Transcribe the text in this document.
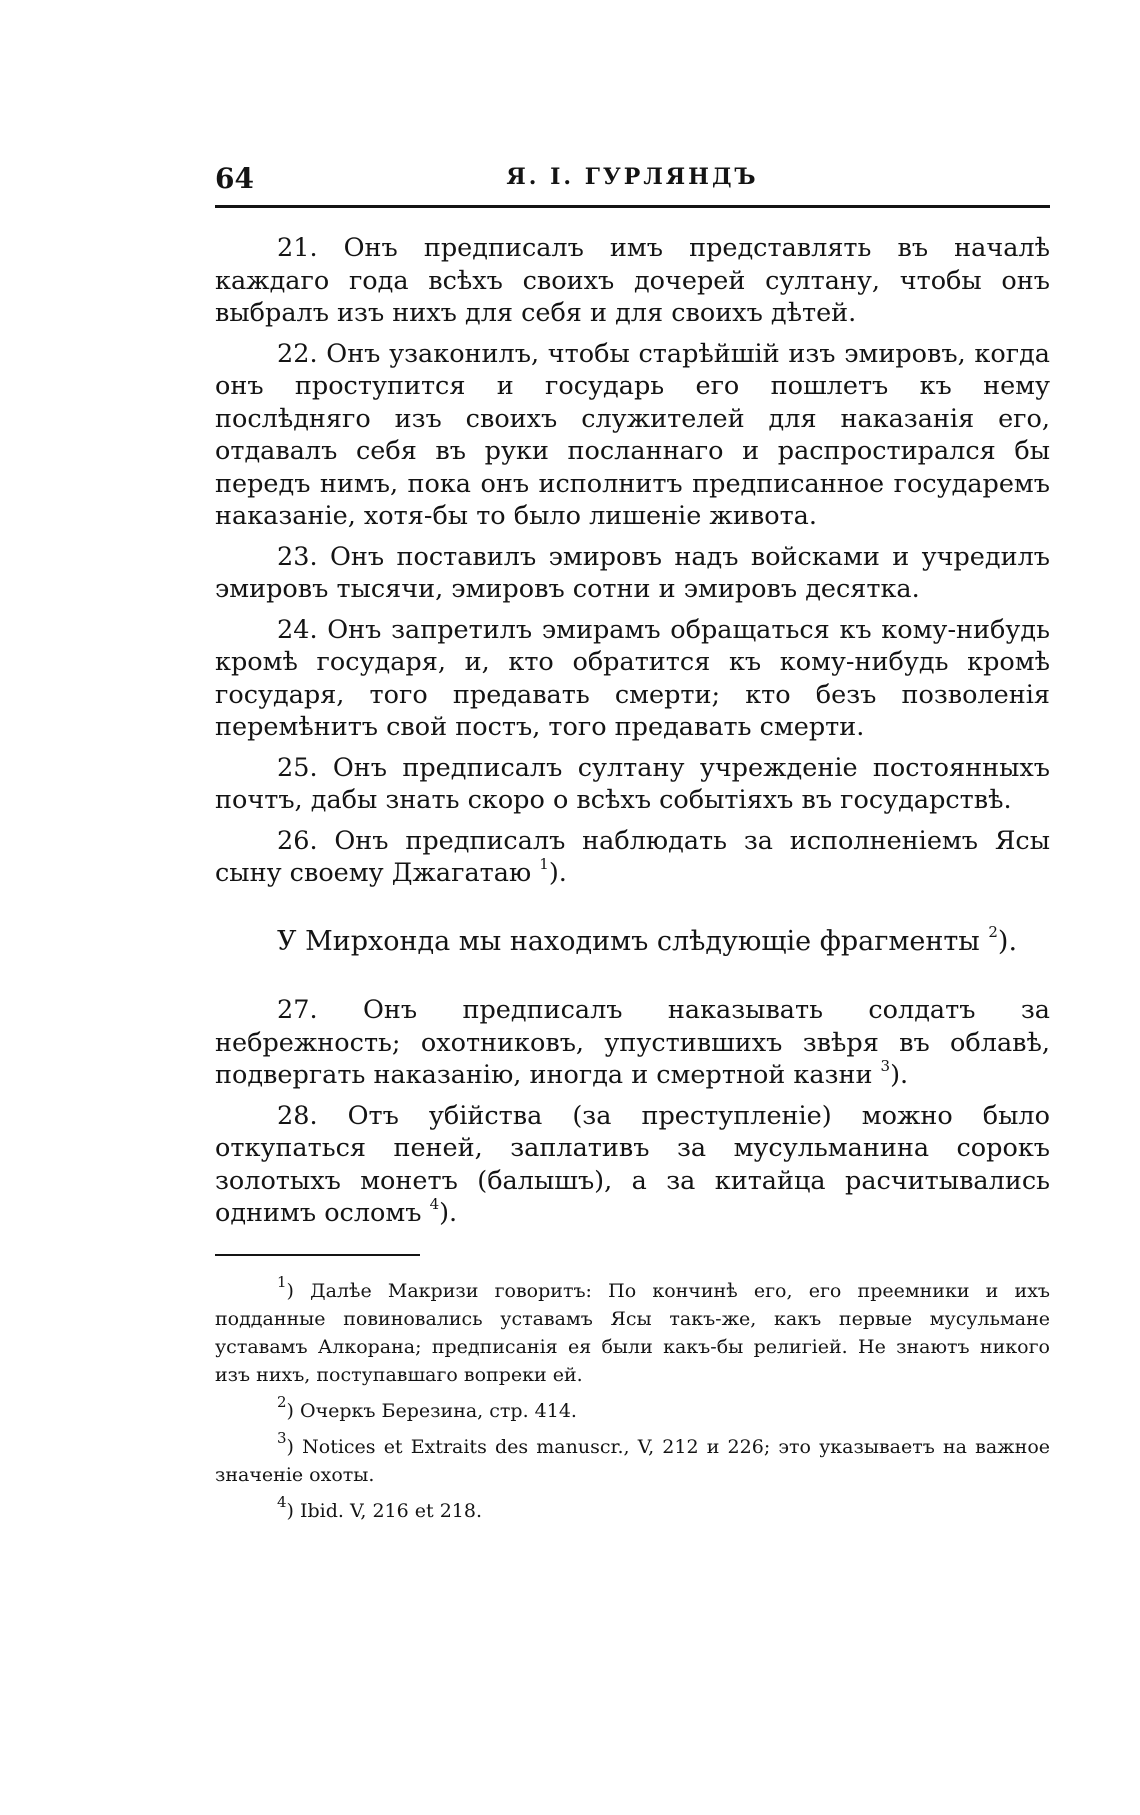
64	Я. І. ГУРЛЯНДЪ

21. Онъ предписалъ имъ представлять въ началѣ каждаго года всѣхъ своихъ дочерей султану, чтобы онъ выбралъ изъ нихъ для себя и для своихъ дѣтей.

22. Онъ узаконилъ, чтобы старѣйшій изъ эмировъ, когда онъ проступится и государь его пошлетъ къ нему послѣдняго изъ своихъ служителей для наказанія его, отдавалъ себя въ руки посланнаго и распростирался бы передъ нимъ, пока онъ исполнитъ предписанное государемъ наказаніе, хотя-бы то было лишеніе живота.

23. Онъ поставилъ эмировъ надъ войсками и учредилъ эмировъ тысячи, эмировъ сотни и эмировъ десятка.

24. Онъ запретилъ эмирамъ обращаться къ кому-нибудь кромѣ государя, и, кто обратится къ кому-нибудь кромѣ государя, того предавать смерти; кто безъ позволенія перемѣнитъ свой постъ, того предавать смерти.

25. Онъ предписалъ султану учрежденіе постоянныхъ почтъ, дабы знать скоро о всѣхъ событіяхъ въ государствѣ.

26. Онъ предписалъ наблюдать за исполненіемъ Ясы сыну своему Джагатаю $^1$).

У Мирхонда мы находимъ слѣдующіе фрагменты $^2$).

27. Онъ предписалъ наказывать солдатъ за небрежность; охотниковъ, упустившихъ звѣря въ облавѣ, подвергать наказанію, иногда и смертной казни $^3$).

28. Отъ убійства (за преступленіе) можно было откупаться пеней, заплативъ за мусульманина сорокъ золотыхъ монетъ (балышъ), а за китайца расчитывались однимъ осломъ $^4$).

$^1$) Далѣе Макризи говоритъ: По кончинѣ его, его преемники и ихъ подданные повиновались уставамъ Ясы такъ-же, какъ первые мусульмане уставамъ Алкорана; предписанія ея были какъ-бы религіей. Не знаютъ никого изъ нихъ, поступавшаго вопреки ей.

$^2$) Очеркъ Березина, стр. 414.

$^3$) Notices et Extraits des manuscr., V, 212 и 226; это указываетъ на важное значеніе охоты.

$^4$) Ibid. V, 216 et 218.
